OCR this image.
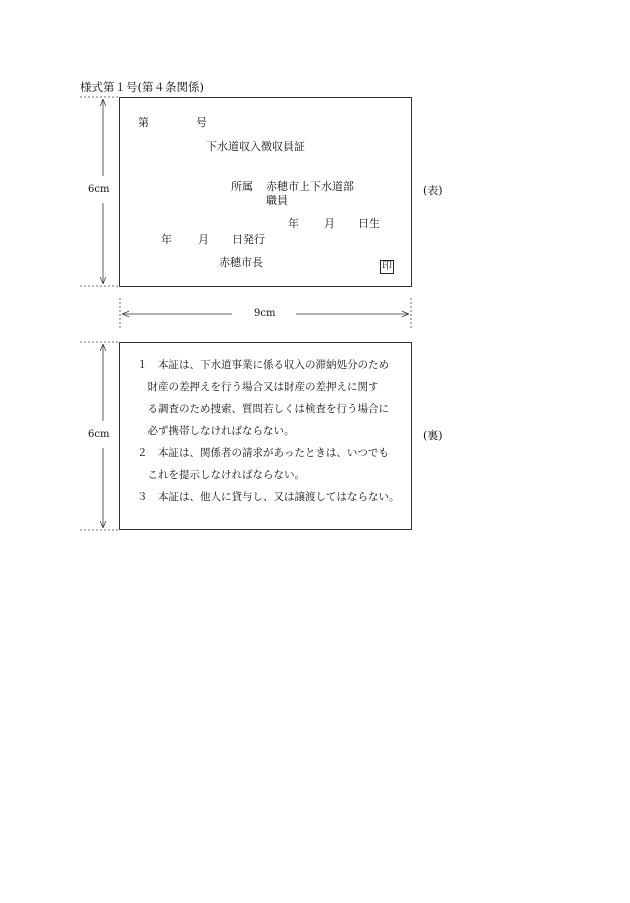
様式第１号(第４条関係)
6cm
9cm
6cm
第	号
下水道収入徴収員証
所属 赤穂市上下水道部
職員
年 月 日生
年 月 日発行
赤穂市長	印
(表)
１　本証は、下水道事業に係る収入の滞納処分のため
　財産の差押えを行う場合又は財産の差押えに関す
　る調査のため捜索、質問若しくは検査を行う場合に
　必ず携帯しなければならない。
２　本証は、関係者の請求があったときは、いつでも
　これを提示しなければならない。
３　本証は、他人に貸与し、又は譲渡してはならない。
(裏)
